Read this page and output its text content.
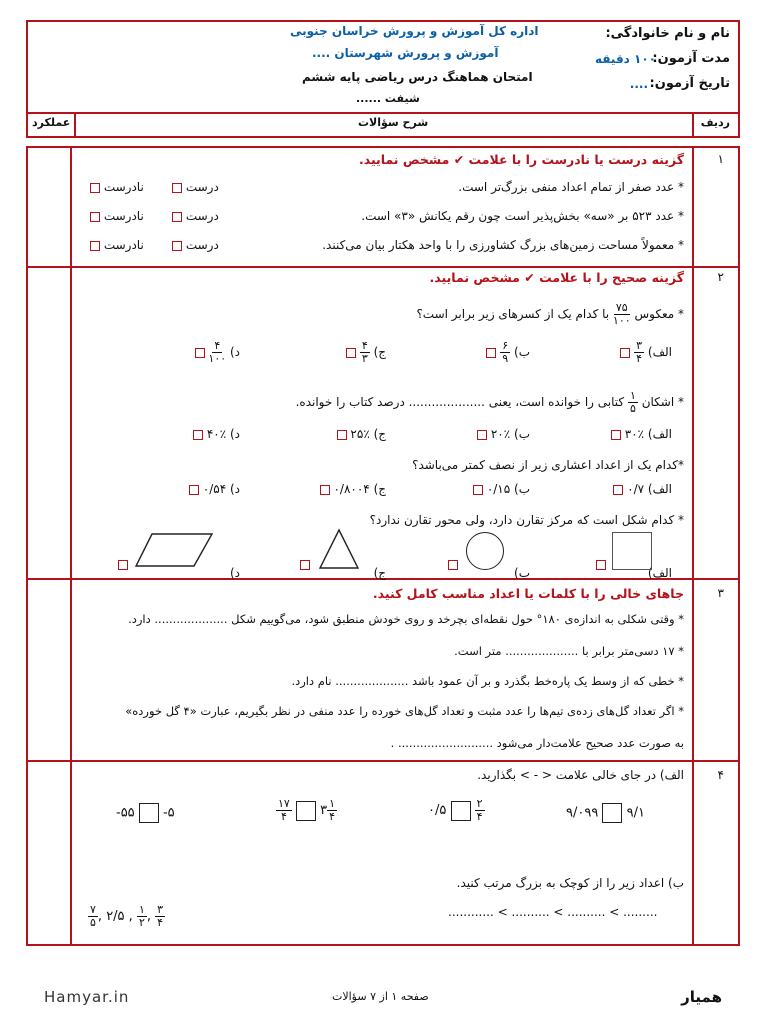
اداره کل آموزش و پرورش خراسان جنوبی
آموزش و پرورش شهرستان ....
امتحان هماهنگ درس ریاضی پایه ششم
شیفت ......
نام و نام خانوادگی:
مدت آزمون:
۱۰۰ دقیقه
تاریخ آزمون:
....
ردیف
شرح سؤالات
عملکرد
۱
گزینه درست یا نادرست را با علامت ✔ مشخص نمایید.
* عدد صفر از تمام اعداد منفی بزرگ‌تر است.
* عدد ۵۲۳ بر «سه» بخش‌پذیر است چون رقم یکانش «۳» است.
* معمولاً مساحت زمین‌های بزرگ کشاورزی را با واحد هکتار بیان می‌کنند.
درست
نادرست
درست
نادرست
درست
نادرست
۲
گزینه صحیح را با علامت ✔ مشخص نمایید.
* معکوس
$\frac{۷۵}{۱۰۰}$
با کدام یک از کسرهای زیر برابر است؟
الف)
$\frac{۳}{۴}$

ب)
$\frac{۶}{۹}$

ج)
$\frac{۴}{۳}$

د)
$\frac{۴}{۱۰۰}$

* اشکان
$\frac{۱}{۵}$
کتابی را خوانده است، یعنی .................... درصد کتاب را خوانده.
الف) ٪۳۰
ب) ٪۲۰
ج) ٪۲۵
د) ٪۴۰
*کدام یک از اعداد اعشاری زیر از نصف کمتر می‌باشد؟
الف) ۰/۷
ب) ۰/۱۵
ج) ۰/۸۰۰۴
د) ۰/۵۴
* کدام شکل است که مرکز تقارن دارد، ولی محور تقارن ندارد؟
الف)
ب)
ج)
د)
۳
جاهای خالی را با کلمات یا اعداد مناسب کامل کنید.
* وقتی شکلی به اندازه‌ی ۱۸۰° حول نقطه‌ای بچرخد و روی خودش منطبق شود، می‌گوییم شکل .................... دارد.
* ۱۷ دسی‌متر برابر با .................... متر است.
* خطی که از وسط یک پاره‌خط بگذرد و بر آن عمود باشد .................... نام دارد.
* اگر تعداد گل‌های زده‌ی تیم‌ها را عدد مثبت و تعداد گل‌های خورده را عدد منفی در نظر بگیریم، عبارت «۴ گل خورده»
به صورت عدد صحیح علامت‌دار می‌شود .......................... .
۴
الف) در جای خالی علامت < - > بگذارید.
۹/۰۹۹ ۹/۱
۰/۵	$\frac{۲}{۴}$
$\frac{۱۷}{۴}$ ۳ $\frac{۱}{۴}$
-۵۵ -۵
ب) اعداد زیر را از کوچک به بزرگ مرتب کنید.
............ < .......... < .......... < .........
$\frac{۷}{۵}$ , ۲/۵ , $\frac{۱}{۲}$ , $\frac{۳}{۴}$
Hamyar.in	صفحه ۱ از ۷ سؤالات	همیار
